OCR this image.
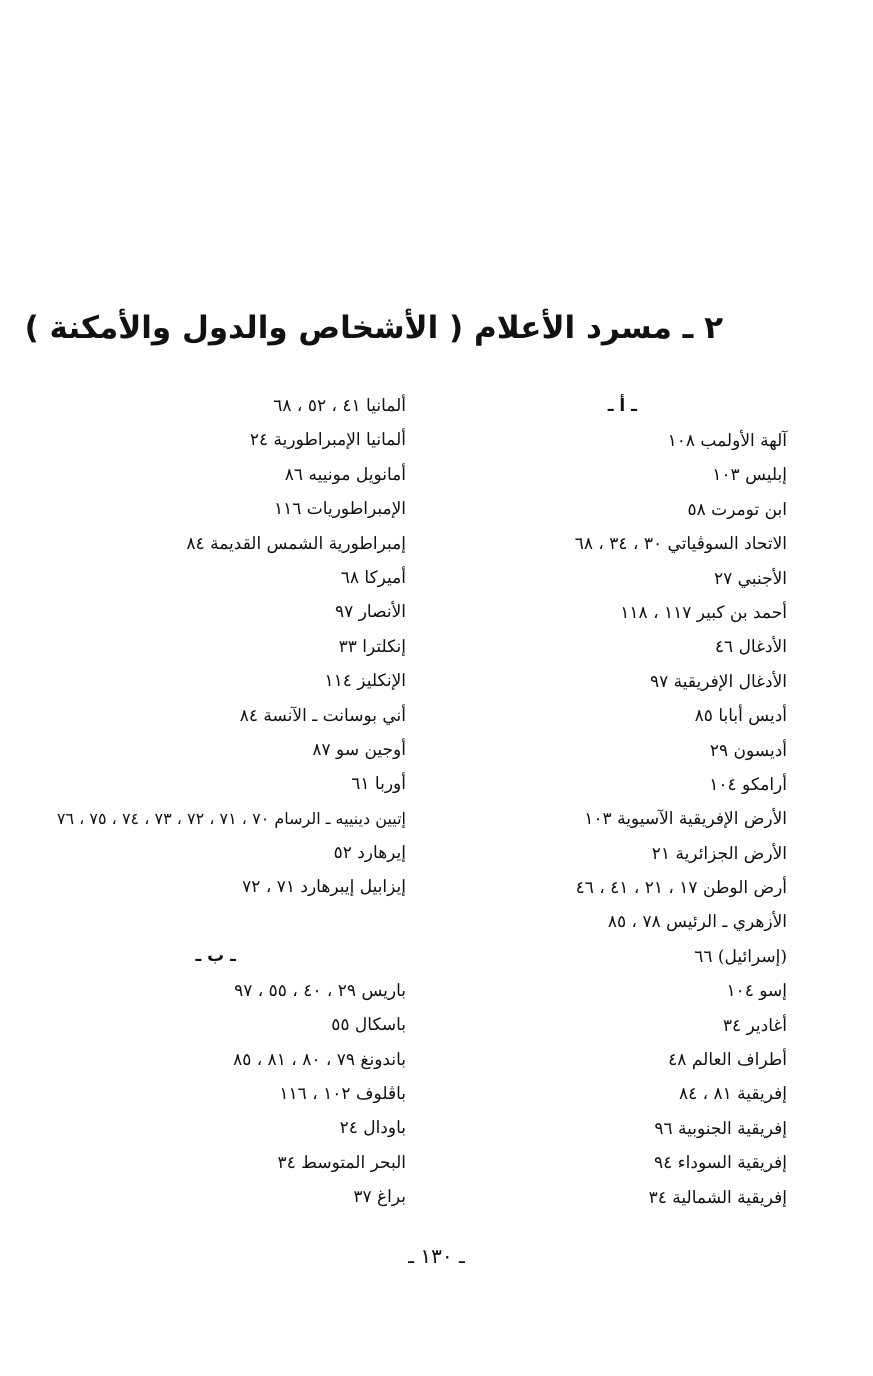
٢ ـ مسرد الأعلام ( الأشخاص والدول والأمكنة )
ـ أ ـ
آلهة الأولمب ١٠٨
إبليس ١٠٣
ابن تومرت ٥٨
الاتحاد السوڤياتي ٣٠ ، ٣٤ ، ٦٨
الأجنبي ٢٧
أحمد بن كبير ١١٧ ، ١١٨
الأدغال ٤٦
الأدغال الإفريقية ٩٧
أديس أبابا ٨٥
أديسون ٢٩
أرامكو ١٠٤
الأرض الإفريقية الآسيوية ١٠٣
الأرض الجزائرية ٢١
أرض الوطن ١٧ ، ٢١ ، ٤١ ، ٤٦
الأزهري ـ الرئيس ٧٨ ، ٨٥
(إسرائيل) ٦٦
إسو ١٠٤
أغادير ٣٤
أطراف العالم ٤٨
إفريقية ٨١ ، ٨٤
إفريقية الجنوبية ٩٦
إفريقية السوداء ٩٤
إفريقية الشمالية ٣٤
ألمانيا ٤١ ، ٥٢ ، ٦٨
ألمانيا الإمبراطورية ٢٤
أمانويل مونييه ٨٦
الإمبراطوريات ١١٦
إمبراطورية الشمس القديمة ٨٤
أميركا ٦٨
الأنصار ٩٧
إنكلترا ٣٣
الإنكليز ١١٤
أني بوسانت ـ الآنسة ٨٤
أوجين سو ٨٧
أوربا ٦١
إتيين دينييه ـ الرسام ٧٠ ، ٧١ ، ٧٢ ، ٧٣ ، ٧٤ ، ٧٥ ، ٧٦
إيرهارد ٥٢
إيزابيل إيبرهارد ٧١ ، ٧٢
ـ ب ـ
باريس ٢٩ ، ٤٠ ، ٥٥ ، ٩٧
باسكال ٥٥
باندونغ ٧٩ ، ٨٠ ، ٨١ ، ٨٥
باڤلوف ١٠٢ ، ١١٦
باودال ٢٤
البحر المتوسط ٣٤
براغ ٣٧
ـ ١٣٠ ـ
